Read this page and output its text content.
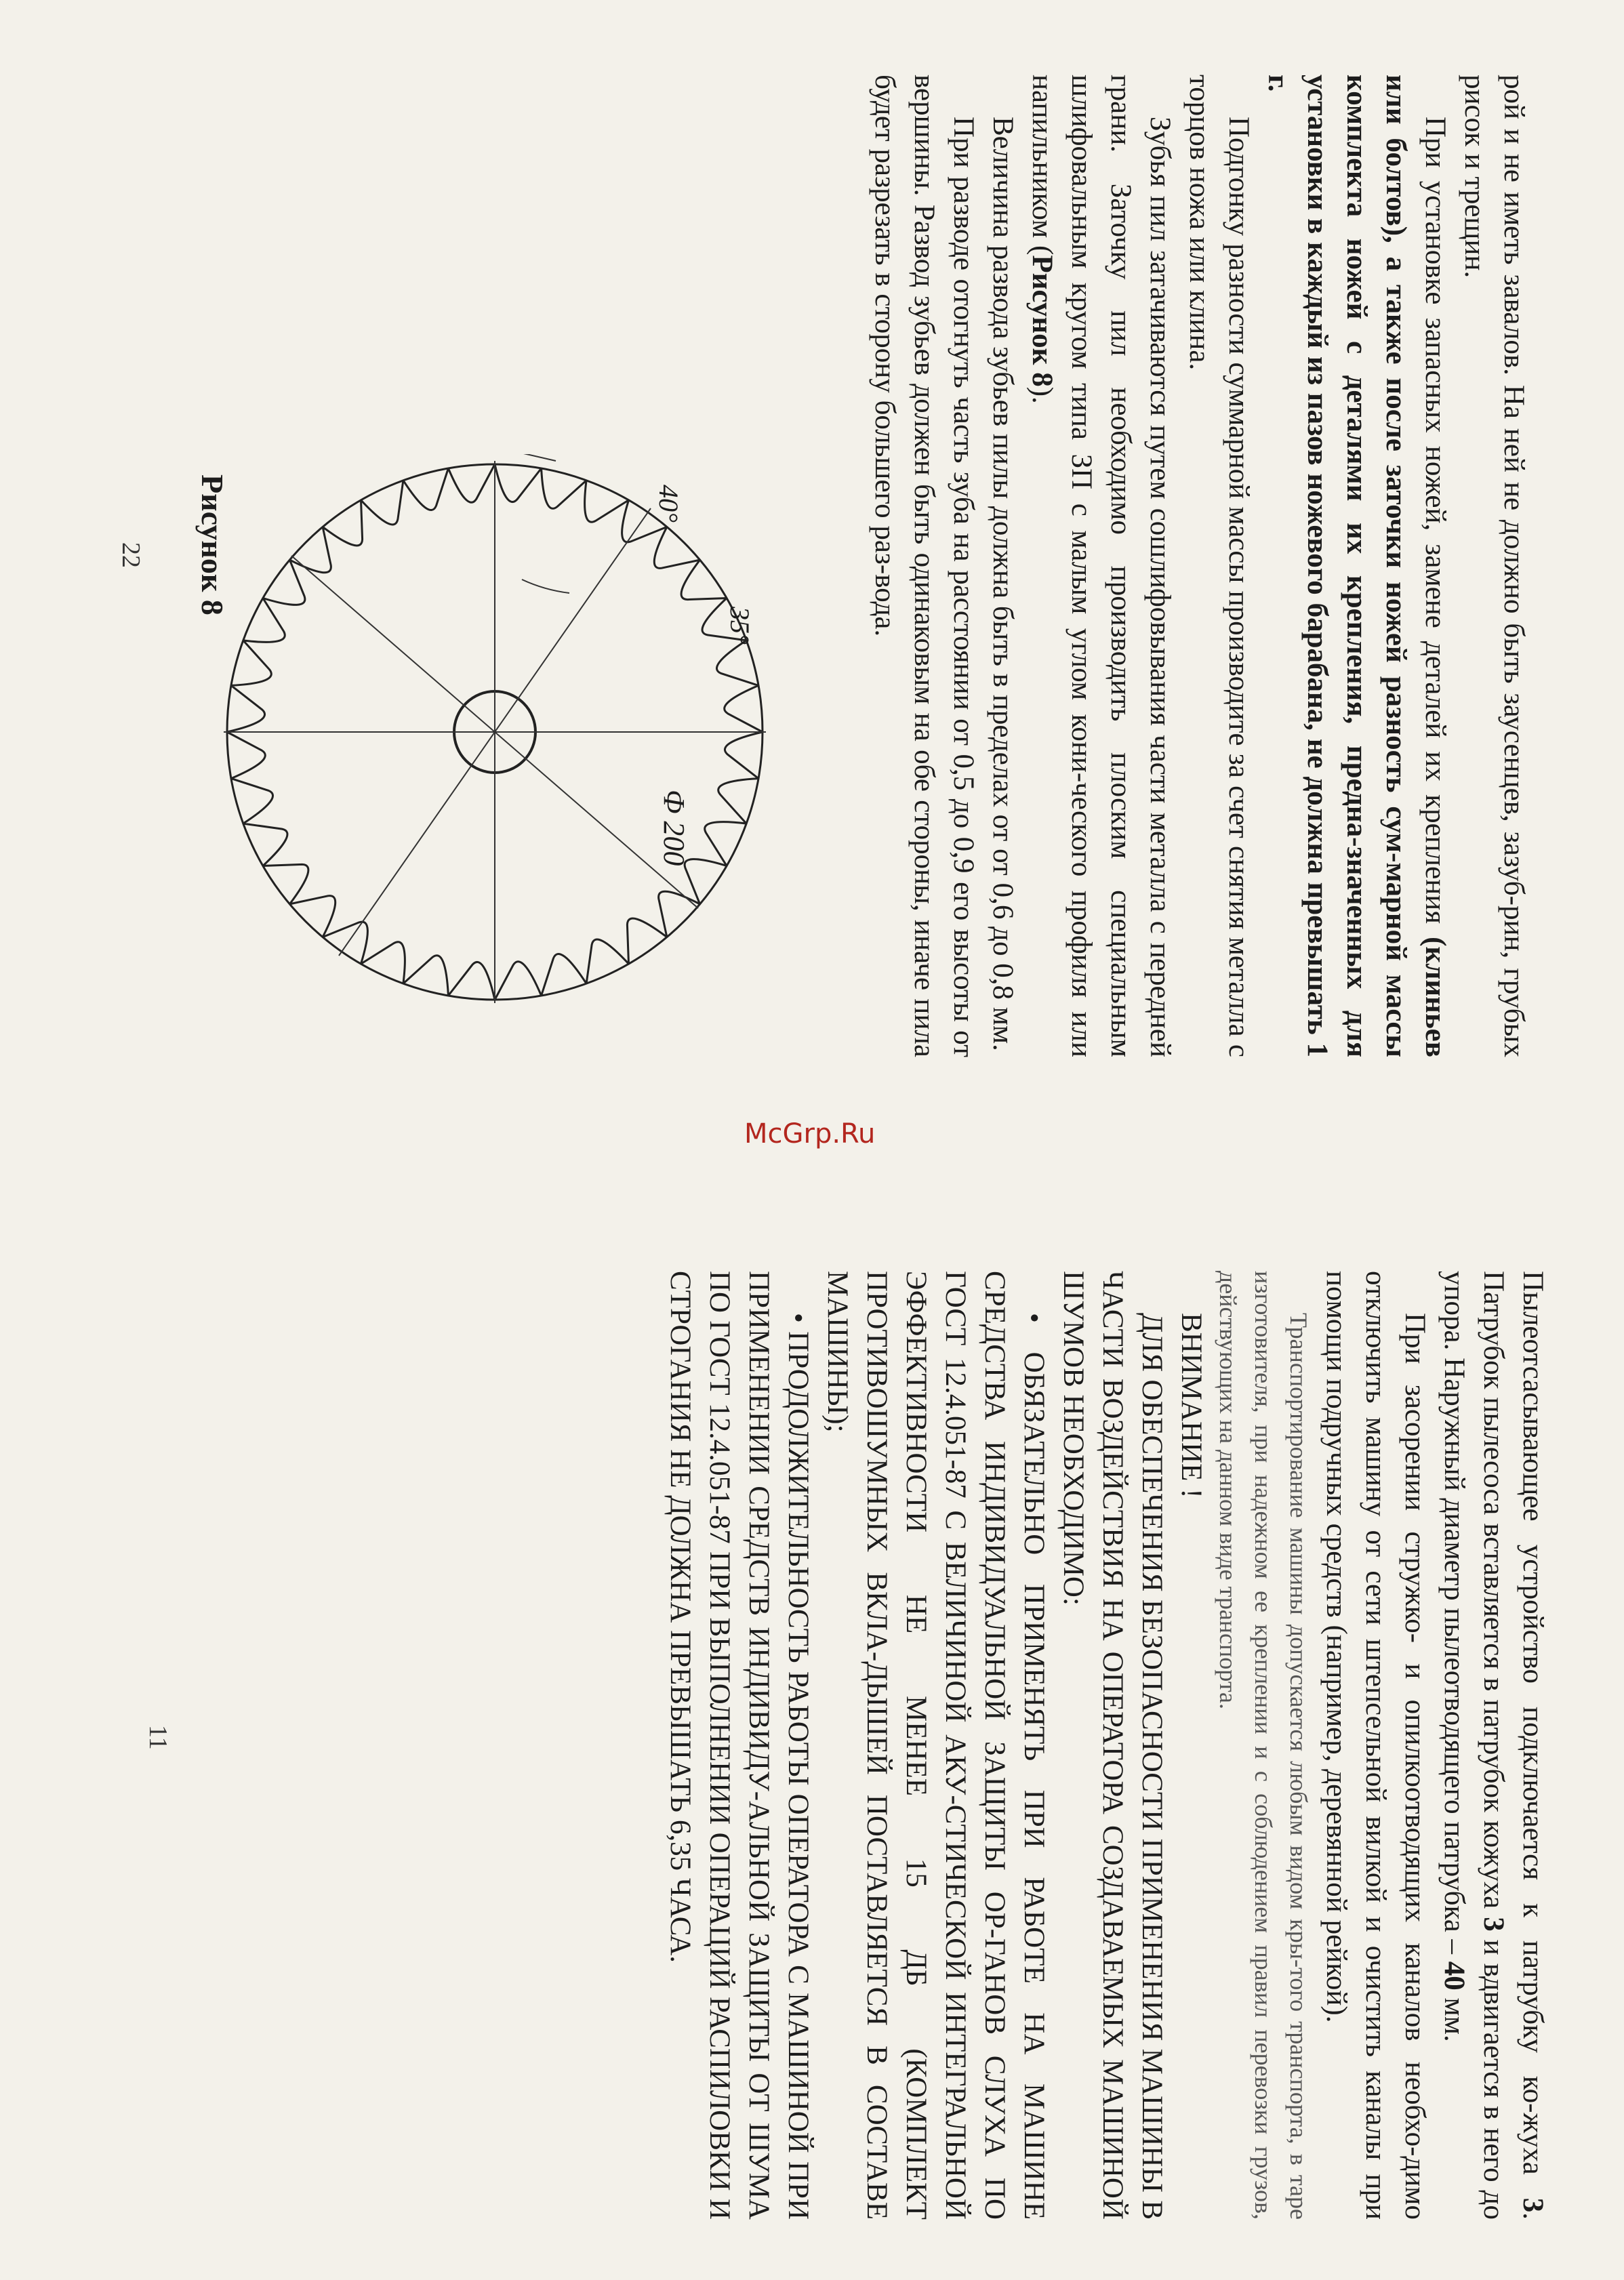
рой и не иметь завалов. На ней не должно быть заусенцев, зазуб-рин, грубых рисок и трещин.

При установке запасных ножей, замене деталей их крепления (клиньев или болтов), а также после заточки ножей разность сум-марной массы комплекта ножей с деталями их крепления, предна-значенных для установки в каждый из пазов ножевого барабана, не должна превышать 1 г.

Подгонку разности суммарной массы производите за счет снятия металла с торцов ножа или клина.

Зубья пил затачиваются путем сошлифовывания части металла с передней грани. Заточку пил необходимо производить плоским специальным шлифовальным кругом типа ЗП с малым углом кони-ческого профиля или напильником (Рисунок 8).

Величина развода зубьев пилы должна быть в пределах от от 0,6 до 0,8 мм.

При разводе отогнуть часть зуба на расстоянии от 0,5 до 0,9 его высоты от вершины. Развод зубьев должен быть одинаковым на обе стороны, иначе пила будет разрезать в сторону большего раз-вода.

40°
35°
Ф 200
Рисунок 8
22
McGrp.Ru

Пылеотсасывающее устройство подключается к патрубку ко-жуха 3. Патрубок пылесоса вставляется в патрубок кожуха 3 и вдвигается в него до упора. Наружный диаметр пылеотводящего патрубка – 40 мм.

При засорении стружко- и опилкоотводящих каналов необхо-димо отключить машину от сети штепсельной вилкой и очистить каналы при помощи подручных средств (например, деревянной рейкой).

Транспортирование машины допускается любым видом кры-того транспорта, в таре изготовителя, при надежном ее креплении и с соблюдением правил перевозки грузов, действующих на данном виде транспорта.

ВНИМАНИЕ !

ДЛЯ ОБЕСПЕЧЕНИЯ БЕЗОПАСНОСТИ ПРИМЕНЕНИЯ МАШИНЫ В ЧАСТИ ВОЗДЕЙСТВИЯ НА ОПЕРАТОРА СОЗДАВАЕМЫХ МАШИНОЙ ШУМОВ НЕОБХОДИМО:

• ОБЯЗАТЕЛЬНО ПРИМЕНЯТЬ ПРИ РАБОТЕ НА МАШИНЕ СРЕДСТВА ИНДИВИДУАЛЬНОЙ ЗАЩИТЫ ОР-ГАНОВ СЛУХА ПО ГОСТ 12.4.051-87 С ВЕЛИЧИНОЙ АКУ-СТИЧЕСКОЙ ИНТЕГРАЛЬНОЙ ЭФФЕКТИВНОСТИ НЕ МЕНЕЕ 15 ДБ (КОМПЛЕКТ ПРОТИВОШУМНЫХ ВКЛА-ДЫШЕЙ ПОСТАВЛЯЕТСЯ В СОСТАВЕ МАШИНЫ);

• ПРОДОЛЖИТЕЛЬНОСТЬ РАБОТЫ ОПЕРАТОРА С МАШИНОЙ ПРИ ПРИМЕНЕНИИ СРЕДСТВ ИНДИВИДУ-АЛЬНОЙ ЗАЩИТЫ ОТ ШУМА ПО ГОСТ 12.4.051-87 ПРИ ВЫПОЛНЕНИИ ОПЕРАЦИЙ РАСПИЛОВКИ И СТРОГАНИЯ НЕ ДОЛЖНА ПРЕВЫШАТЬ 6,35 ЧАСА.

11
